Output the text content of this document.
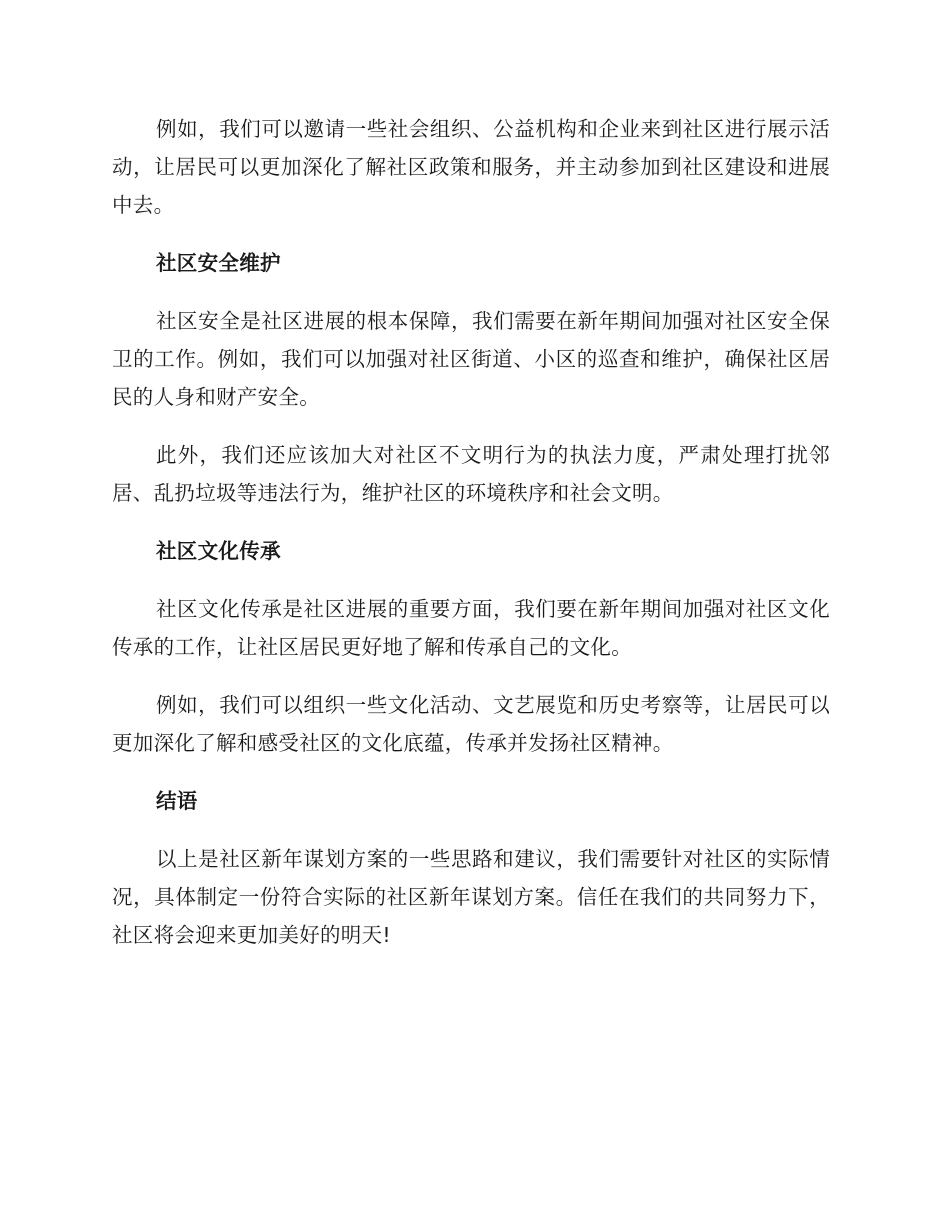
例如，我们可以邀请一些社会组织、公益机构和企业来到社区进行展示活动，让居民可以更加深化了解社区政策和服务，并主动参加到社区建设和进展中去。

社区安全维护

社区安全是社区进展的根本保障，我们需要在新年期间加强对社区安全保卫的工作。例如，我们可以加强对社区街道、小区的巡查和维护，确保社区居民的人身和财产安全。

此外，我们还应该加大对社区不文明行为的执法力度，严肃处理打扰邻居、乱扔垃圾等违法行为，维护社区的环境秩序和社会文明。

社区文化传承

社区文化传承是社区进展的重要方面，我们要在新年期间加强对社区文化传承的工作，让社区居民更好地了解和传承自己的文化。

例如，我们可以组织一些文化活动、文艺展览和历史考察等，让居民可以更加深化了解和感受社区的文化底蕴，传承并发扬社区精神。

结语

以上是社区新年谋划方案的一些思路和建议，我们需要针对社区的实际情况，具体制定一份符合实际的社区新年谋划方案。信任在我们的共同努力下，社区将会迎来更加美好的明天!
